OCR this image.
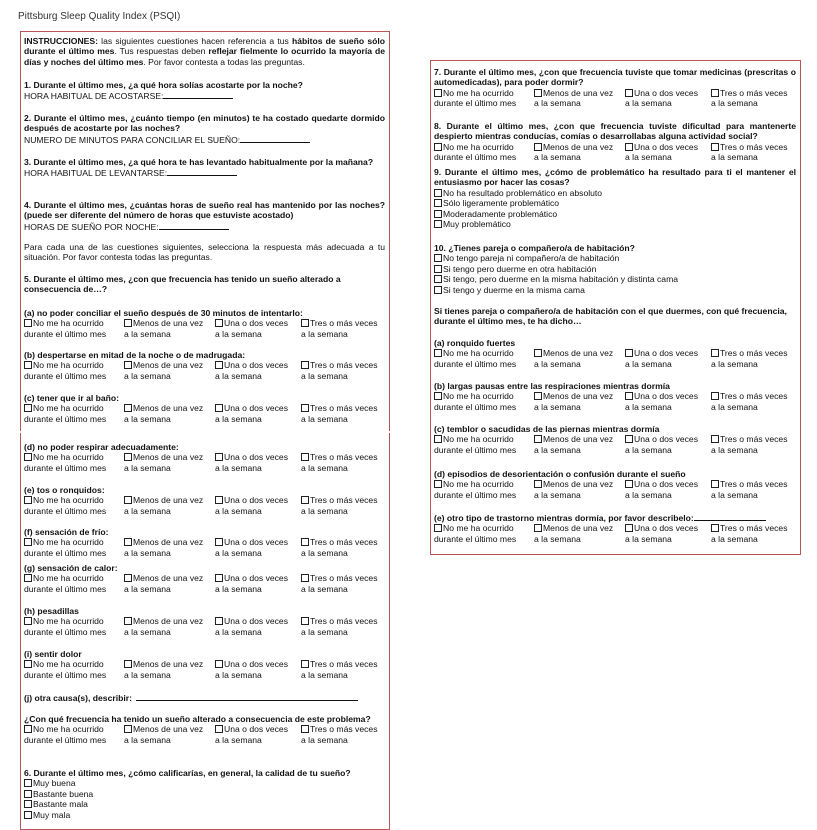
Pittsburg Sleep Quality Index (PSQI)
INSTRUCCIONES: las siguientes cuestiones hacen referencia a tus hábitos de sueño sólo durante el último mes. Tus respuestas deben reflejar fielmente lo ocurrido la mayoría de días y noches del último mes. Por favor contesta a todas las preguntas.
1. Durante el último mes, ¿a qué hora solías acostarte por la noche?
HORA HABITUAL DE ACOSTARSE:
2. Durante el último mes, ¿cuánto tiempo (en minutos) te ha costado quedarte dormido después de acostarte por las noches?
NUMERO DE MINUTOS PARA CONCILIAR EL SUEÑO:
3. Durante el último mes, ¿a qué hora te has levantado habitualmente por la mañana?
HORA HABITUAL DE LEVANTARSE:
4. Durante el último mes, ¿cuántas horas de sueño real has mantenido por las noches? (puede ser diferente del número de horas que estuviste acostado)
HORAS DE SUEÑO POR NOCHE:
Para cada una de las cuestiones siguientes, selecciona la respuesta más adecuada a tu situación. Por favor contesta todas las preguntas.
5. Durante el último mes, ¿con que frecuencia has tenido un sueño alterado a consecuencia de…?
(a) no poder conciliar el sueño después de 30 minutos de intentarlo:
No me ha ocurrido
durante el último mes
Menos de una vez
a la semana
Una o dos veces
a la semana
Tres o más veces
a la semana
(b) despertarse en mitad de la noche o de madrugada:
No me ha ocurrido
durante el último mes
Menos de una vez
a la semana
Una o dos veces
a la semana
Tres o más veces
a la semana
(c) tener que ir al baño:
No me ha ocurrido
durante el último mes
Menos de una vez
a la semana
Una o dos veces
a la semana
Tres o más veces
a la semana
(d) no poder respirar adecuadamente:
No me ha ocurrido
durante el último mes
Menos de una vez
a la semana
Una o dos veces
a la semana
Tres o más veces
a la semana
(e) tos o ronquidos:
No me ha ocurrido
durante el último mes
Menos de una vez
a la semana
Una o dos veces
a la semana
Tres o más veces
a la semana
(f) sensación de frío:
No me ha ocurrido
durante el último mes
Menos de una vez
a la semana
Una o dos veces
a la semana
Tres o más veces
a la semana
(g) sensación de calor:
No me ha ocurrido
durante el último mes
Menos de una vez
a la semana
Una o dos veces
a la semana
Tres o más veces
a la semana
(h) pesadillas
No me ha ocurrido
durante el último mes
Menos de una vez
a la semana
Una o dos veces
a la semana
Tres o más veces
a la semana
(i) sentir dolor
No me ha ocurrido
durante el último mes
Menos de una vez
a la semana
Una o dos veces
a la semana
Tres o más veces
a la semana
(j) otra causa(s), describir:
¿Con qué frecuencia ha tenido un sueño alterado a consecuencia de este problema?
No me ha ocurrido
durante el último mes
Menos de una vez
a la semana
Una o dos veces
a la semana
Tres o más veces
a la semana
6. Durante el último mes, ¿cómo calificarías, en general, la calidad de tu sueño?
Muy buena
Bastante buena
Bastante mala
Muy mala
7. Durante el último mes, ¿con que frecuencia tuviste que tomar medicinas (prescritas o automedicadas), para poder dormir?
No me ha ocurrido
durante el último mes
Menos de una vez
a la semana
Una o dos veces
a la semana
Tres o más veces
a la semana
8. Durante el último mes, ¿con que frecuencia tuviste dificultad para mantenerte despierto mientras conducías, comías o desarrollabas alguna actividad social?
No me ha ocurrido
durante el último mes
Menos de una vez
a la semana
Una o dos veces
a la semana
Tres o más veces
a la semana
9. Durante el último mes, ¿cómo de problemático ha resultado para ti el mantener el entusiasmo por hacer las cosas?
No ha resultado problemático en absoluto
Sólo ligeramente problemático
Moderadamente problemático
Muy problemático
10. ¿Tienes pareja o compañero/a de habitación?
No tengo pareja ni compañero/a de habitación
Si tengo pero duerme en otra habitación
Si tengo, pero duerme en la misma habitación y distinta cama
Si tengo y duerme en la misma cama
Si tienes pareja o compañero/a de habitación con el que duermes, con qué frecuencia, durante el último mes, te ha dicho…
(a) ronquido fuertes
No me ha ocurrido
durante el último mes
Menos de una vez
a la semana
Una o dos veces
a la semana
Tres o más veces
a la semana
(b) largas pausas entre las respiraciones mientras dormía
No me ha ocurrido
durante el último mes
Menos de una vez
a la semana
Una o dos veces
a la semana
Tres o más veces
a la semana
(c) temblor o sacudidas de las piernas mientras dormía
No me ha ocurrido
durante el último mes
Menos de una vez
a la semana
Una o dos veces
a la semana
Tres o más veces
a la semana
(d) episodios de desorientación o confusión durante el sueño
No me ha ocurrido
durante el último mes
Menos de una vez
a la semana
Una o dos veces
a la semana
Tres o más veces
a la semana
(e) otro tipo de trastorno mientras dormía, por favor describelo:
No me ha ocurrido
durante el último mes
Menos de una vez
a la semana
Una o dos veces
a la semana
Tres o más veces
a la semana
